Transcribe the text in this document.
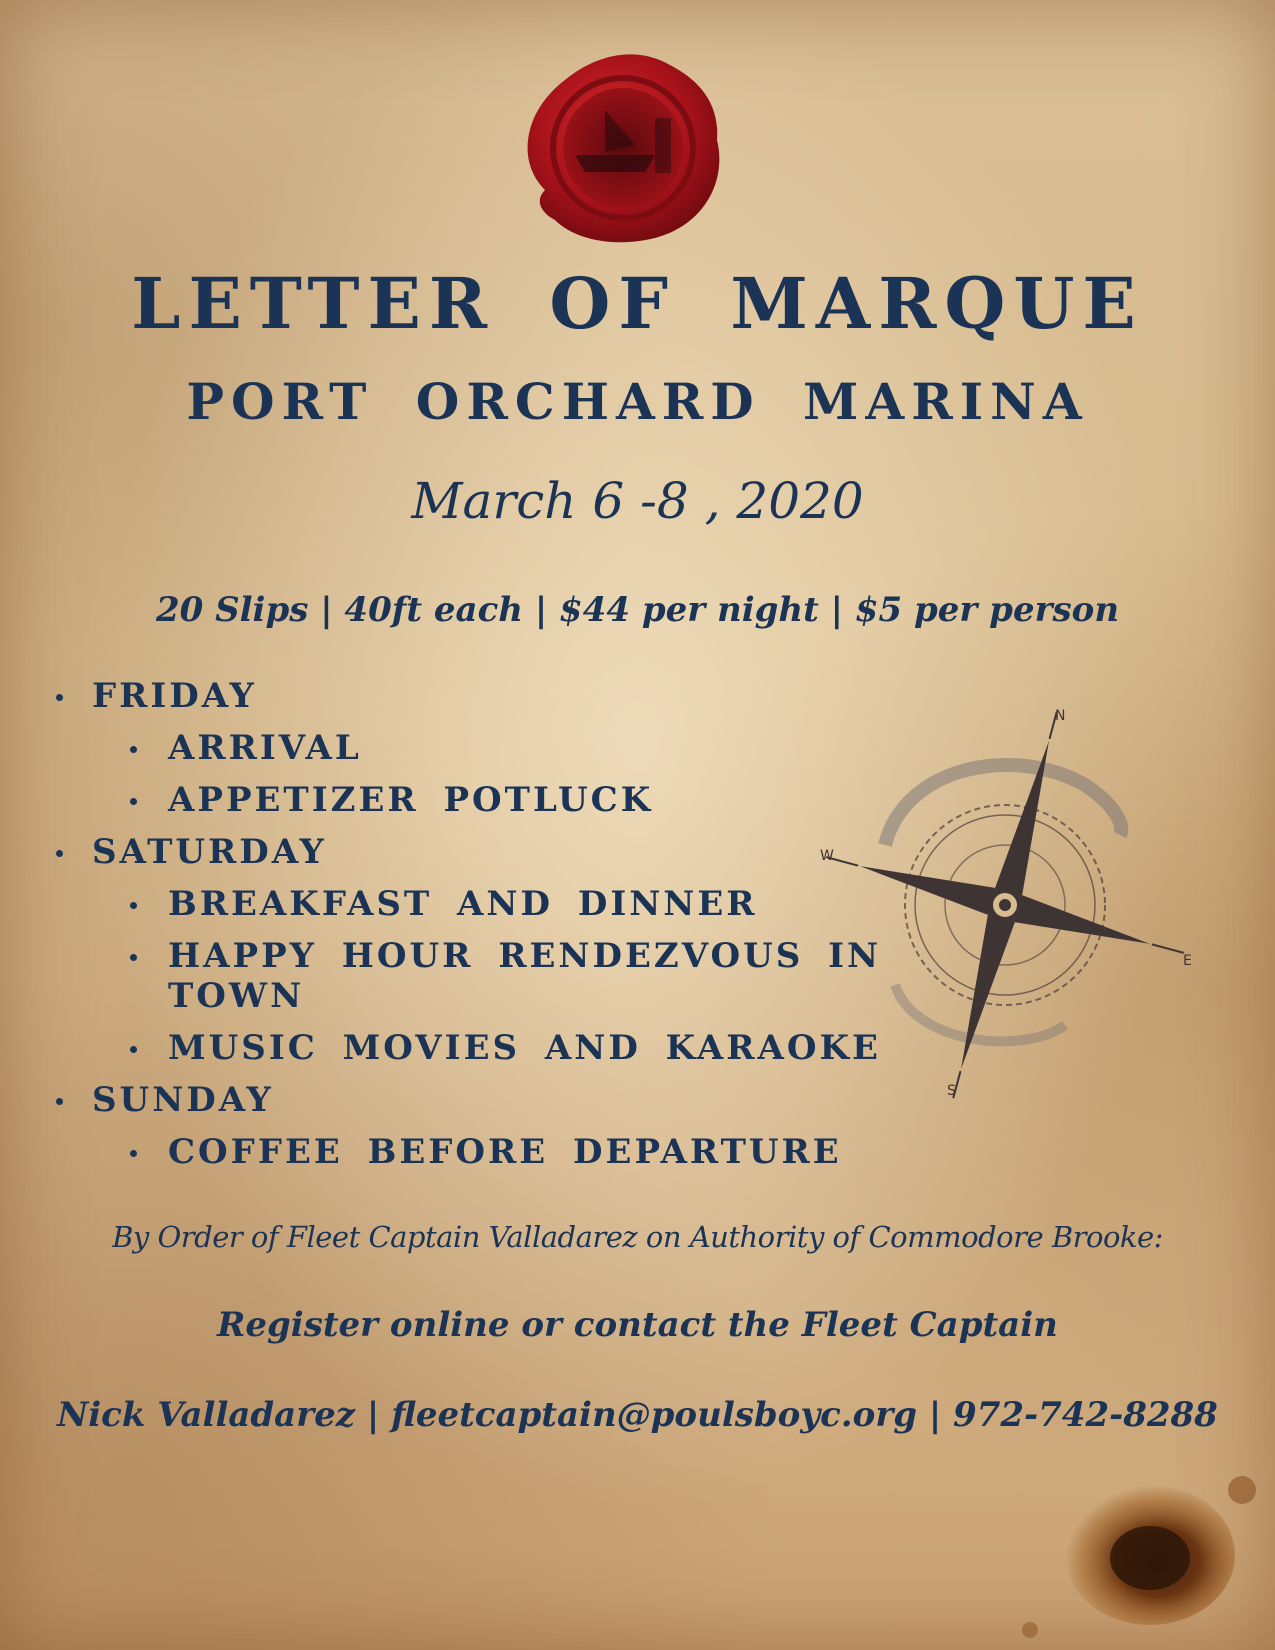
LETTER OF MARQUE
PORT ORCHARD MARINA
March 6 -8 , 2020
20 Slips | 40ft each | $44 per night | $5 per person
FRIDAY
ARRIVAL
APPETIZER POTLUCK
SATURDAY
BREAKFAST AND DINNER
HAPPY HOUR RENDEZVOUS IN TOWN
MUSIC MOVIES AND KARAOKE
SUNDAY
COFFEE BEFORE DEPARTURE
N
S
E
W
By Order of Fleet Captain Valladarez on Authority of Commodore Brooke:
Register online or contact the Fleet Captain
Nick Valladarez | fleetcaptain@poulsboyc.org | 972-742-8288
